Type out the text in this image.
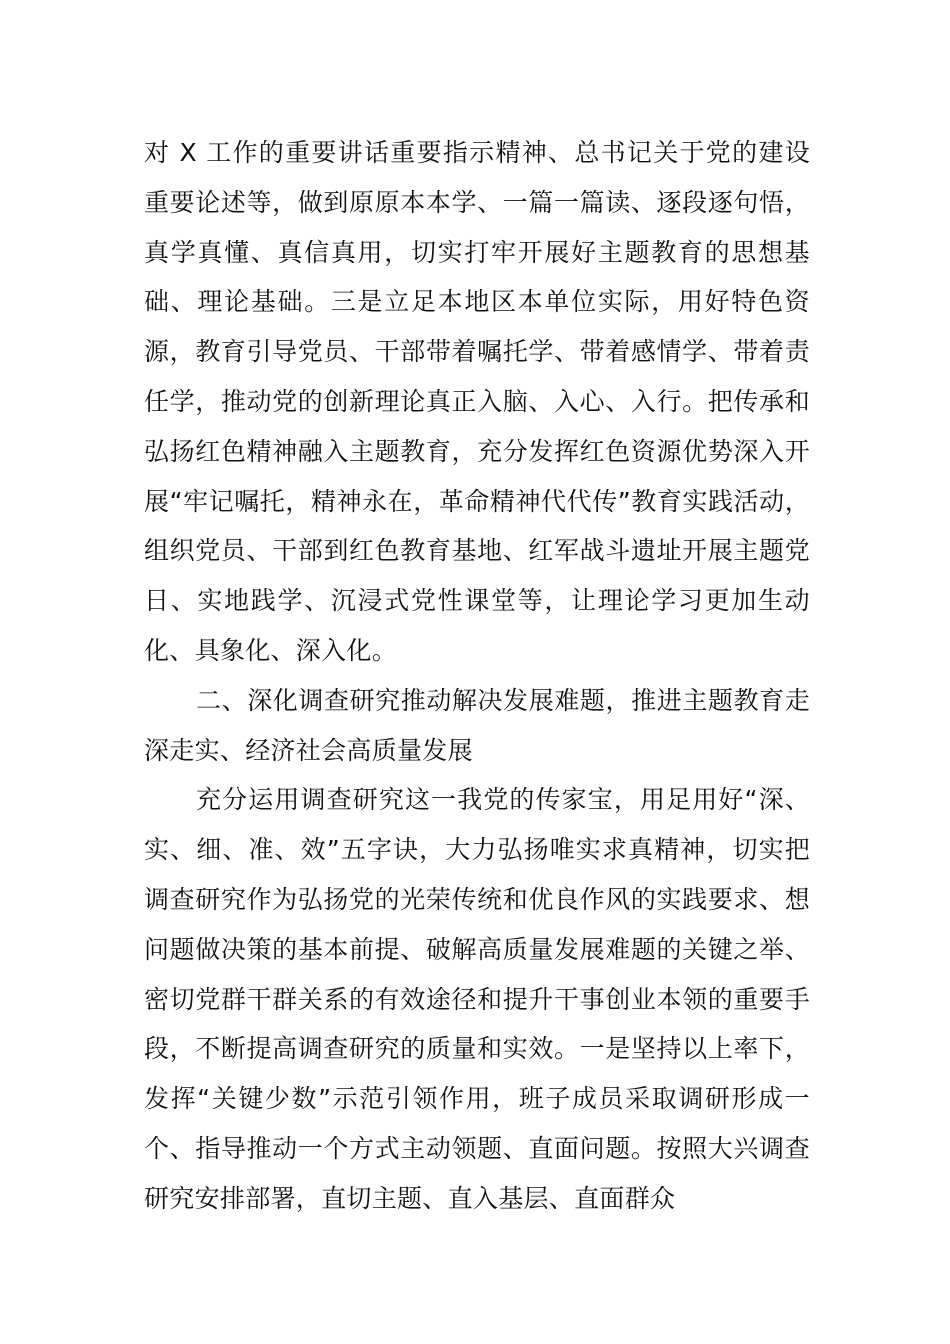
对 X 工作的重要讲话重要指示精神、总书记关于党的建设重要论述等，做到原原本本学、一篇一篇读、逐段逐句悟，真学真懂、真信真用，切实打牢开展好主题教育的思想基础、理论基础。三是立足本地区本单位实际，用好特色资源，教育引导党员、干部带着嘱托学、带着感情学、带着责任学，推动党的创新理论真正入脑、入心、入行。把传承和弘扬红色精神融入主题教育，充分发挥红色资源优势深入开展“牢记嘱托，精神永在，革命精神代代传”教育实践活动，组织党员、干部到红色教育基地、红军战斗遗址开展主题党日、实地践学、沉浸式党性课堂等，让理论学习更加生动化、具象化、深入化。

二、深化调查研究推动解决发展难题，推进主题教育走深走实、经济社会高质量发展

充分运用调查研究这一我党的传家宝，用足用好“深、实、细、准、效”五字诀，大力弘扬唯实求真精神，切实把调查研究作为弘扬党的光荣传统和优良作风的实践要求、想问题做决策的基本前提、破解高质量发展难题的关键之举、密切党群干群关系的有效途径和提升干事创业本领的重要手段，不断提高调查研究的质量和实效。一是坚持以上率下，发挥“关键少数”示范引领作用，班子成员采取调研形成一个、指导推动一个方式主动领题、直面问题。按照大兴调查研究安排部署，直切主题、直入基层、直面群众
